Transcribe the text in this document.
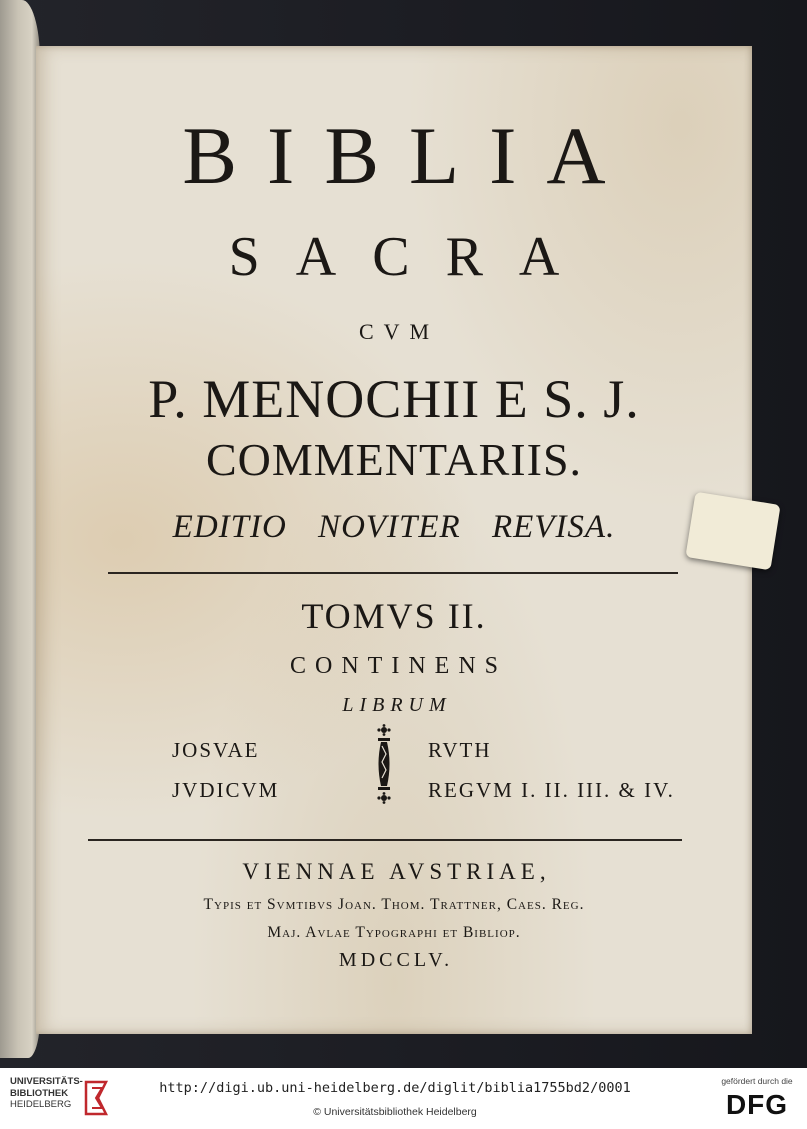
BIBLIA

SACRA

CVM

P. MENOCHII E S. J.

COMMENTARIIS.

EDITIO NOVITER REVISA.

TOMVS II.

CONTINENS

LIBRUM

JOSVAE
JVDICVM
RVTH
REGVM I. II. III. & IV.

VIENNAE AVSTRIAE,

Typis et Svmtibvs Joan. Thom. Trattner, Caes. Reg.

Maj. Avlae Typographi et Bibliop.

MDCCLV.

UNIVERSITÄTS-
BIBLIOTHEK
HEIDELBERG
http://digi.ub.uni-heidelberg.de/diglit/biblia1755bd2/0001
© Universitätsbibliothek Heidelberg
gefördert durch die
DFG
